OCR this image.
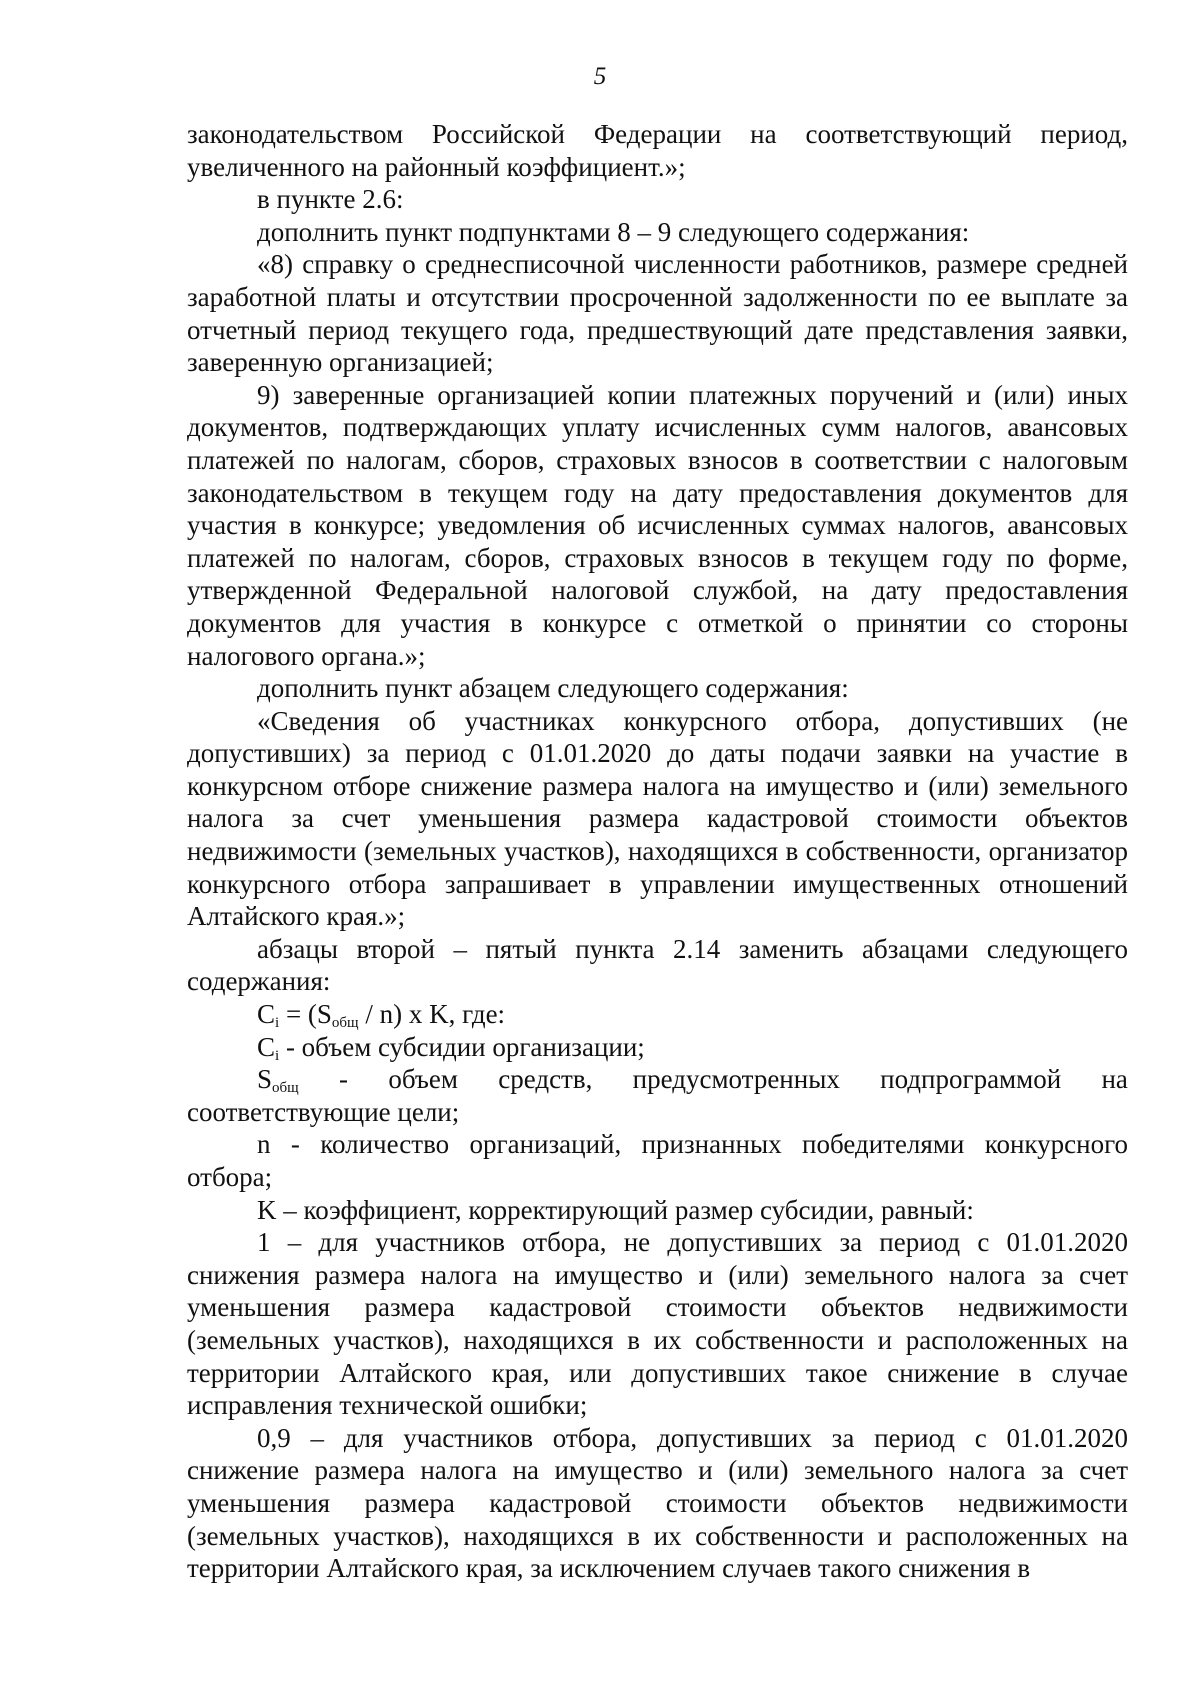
5

законодательством Российской Федерации на соответствующий период, увеличенного на районный коэффициент.»;

в пункте 2.6:

дополнить пункт подпунктами 8 – 9 следующего содержания:

«8) справку о среднесписочной численности работников, размере средней заработной платы и отсутствии просроченной задолженности по ее выплате за отчетный период текущего года, предшествующий дате представления заявки, заверенную организацией;

9) заверенные организацией копии платежных поручений и (или) иных документов, подтверждающих уплату исчисленных сумм налогов, авансовых платежей по налогам, сборов, страховых взносов в соответствии с налоговым законодательством в текущем году на дату предоставления документов для участия в конкурсе; уведомления об исчисленных суммах налогов, авансовых платежей по налогам, сборов, страховых взносов в текущем году по форме, утвержденной Федеральной налоговой службой, на дату предоставления документов для участия в конкурсе с отметкой о принятии со стороны налогового органа.»;

дополнить пункт абзацем следующего содержания:

«Сведения об участниках конкурсного отбора, допустивших (не допустивших) за период с 01.01.2020 до даты подачи заявки на участие в конкурсном отборе снижение размера налога на имущество и (или) земельного налога за счет уменьшения размера кадастровой стоимости объектов недвижимости (земельных участков), находящихся в собственности, организатор конкурсного отбора запрашивает в управлении имущественных отношений Алтайского края.»;

абзацы второй – пятый пункта 2.14 заменить абзацами следующего содержания:

$C_i = (S_{общ} / n)$ x K, где:
$C_i$ - объем субсидии организации;
$S_{общ}$ - объем средств, предусмотренных подпрограммой на

соответствующие цели;

n - количество организаций, признанных победителями конкурсного отбора;

K – коэффициент, корректирующий размер субсидии, равный:

1 – для участников отбора, не допустивших за период с 01.01.2020 снижения размера налога на имущество и (или) земельного налога за счет уменьшения размера кадастровой стоимости объектов недвижимости (земельных участков), находящихся в их собственности и расположенных на территории Алтайского края, или допустивших такое снижение в случае исправления технической ошибки;

0,9 – для участников отбора, допустивших за период с 01.01.2020 снижение размера налога на имущество и (или) земельного налога за счет уменьшения размера кадастровой стоимости объектов недвижимости (земельных участков), находящихся в их собственности и расположенных на территории Алтайского края, за исключением случаев такого снижения в
